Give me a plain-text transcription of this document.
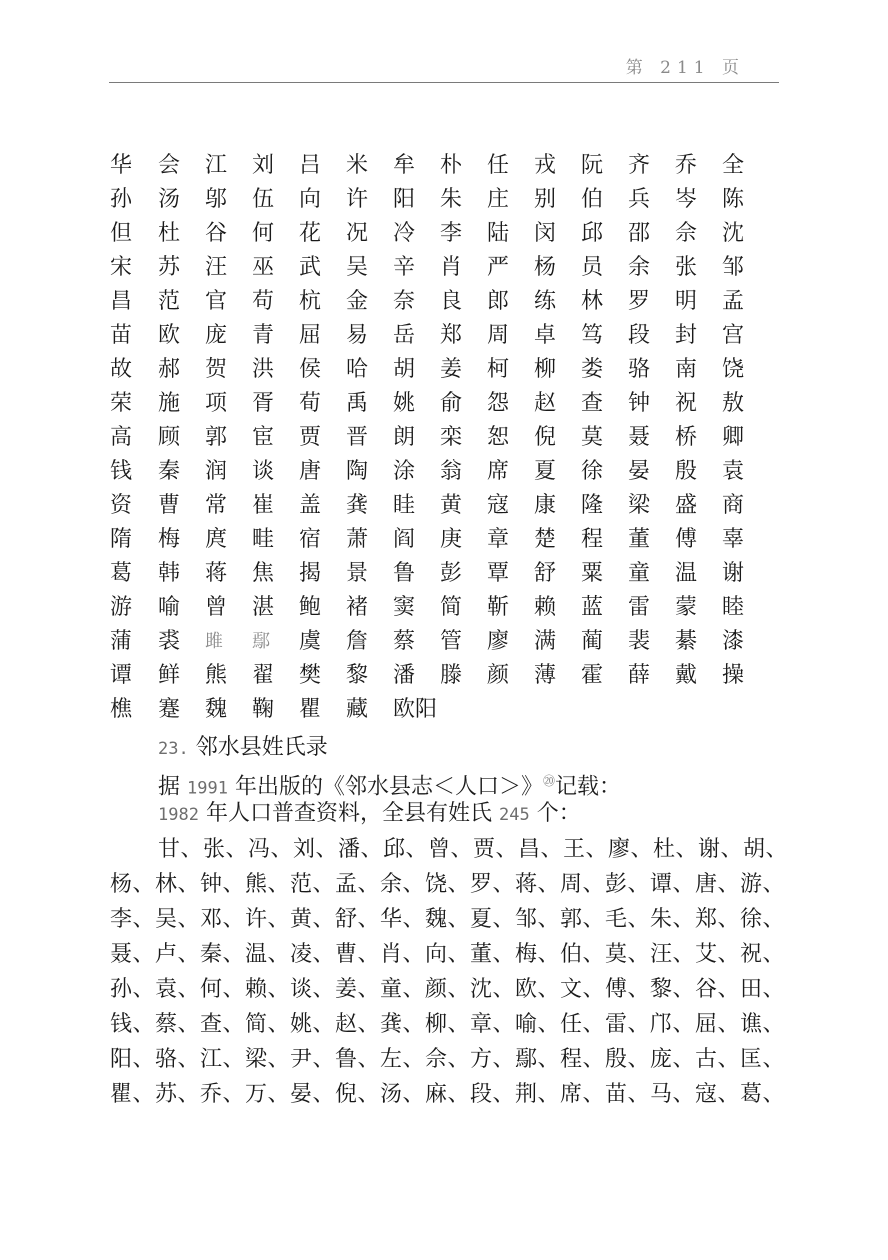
第 211 页
华 会 江 刘 吕 米 牟 朴 任 戎 阮 齐 乔 全
孙 汤 邬 伍 向 许 阳 朱 庄 别 伯 兵 岑 陈
但 杜 谷 何 花 况 冷 李 陆 闵 邱 邵 佘 沈
宋 苏 汪 巫 武 吴 辛 肖 严 杨 员 余 张 邹
昌 范 官 苟 杭 金 奈 良 郎 练 林 罗 明 孟
苗 欧 庞 青 屈 易 岳 郑 周 卓 笃 段 封 宫
故 郝 贺 洪 侯 哈 胡 姜 柯 柳 娄 骆 南 饶
荣 施 项 胥 荀 禹 姚 俞 怨 赵 查 钟 祝 敖
高 顾 郭 宦 贾 晋 朗 栾 恕 倪 莫 聂 桥 卿
钱 秦 润 谈 唐 陶 涂 翁 席 夏 徐 晏 殷 袁
资 曹 常 崔 盖 龚 眭 黄 寇 康 隆 梁 盛 商
隋 梅 庹 畦 宿 萧 阎 庚 章 楚 程 董 傅 辜
葛 韩 蒋 焦 揭 景 鲁 彭 覃 舒 粟 童 温 谢
游 喻 曾 湛 鲍 褚 窦 简 靳 赖 蓝 雷 蒙 睦
蒲 裘 雎 鄢 虞 詹 蔡 管 廖 满 蔺 裴 綦 漆
谭 鲜 熊 翟 樊 黎 潘 滕 颜 薄 霍 薛 戴 操
樵 蹇 魏 鞠 瞿 藏 欧阳
23. 邻水县姓氏录
据 1991 年出版的《邻水县志＜人口＞》⑳记载：
1982 年人口普查资料，全县有姓氏 245 个：
甘、张、冯、刘、潘、邱、曾、贾、昌、王、廖、杜、谢、胡、
杨、林、钟、熊、范、孟、余、饶、罗、蒋、周、彭、谭、唐、游、
李、吴、邓、许、黄、舒、华、魏、夏、邹、郭、毛、朱、郑、徐、
聂、卢、秦、温、凌、曹、肖、向、董、梅、伯、莫、汪、艾、祝、
孙、袁、何、赖、谈、姜、童、颜、沈、欧、文、傅、黎、谷、田、
钱、蔡、查、简、姚、赵、龚、柳、章、喻、任、雷、邝、屈、谯、
阳、骆、江、梁、尹、鲁、左、佘、方、鄢、程、殷、庞、古、匡、
瞿、苏、乔、万、晏、倪、汤、麻、段、荆、席、苗、马、寇、葛、
